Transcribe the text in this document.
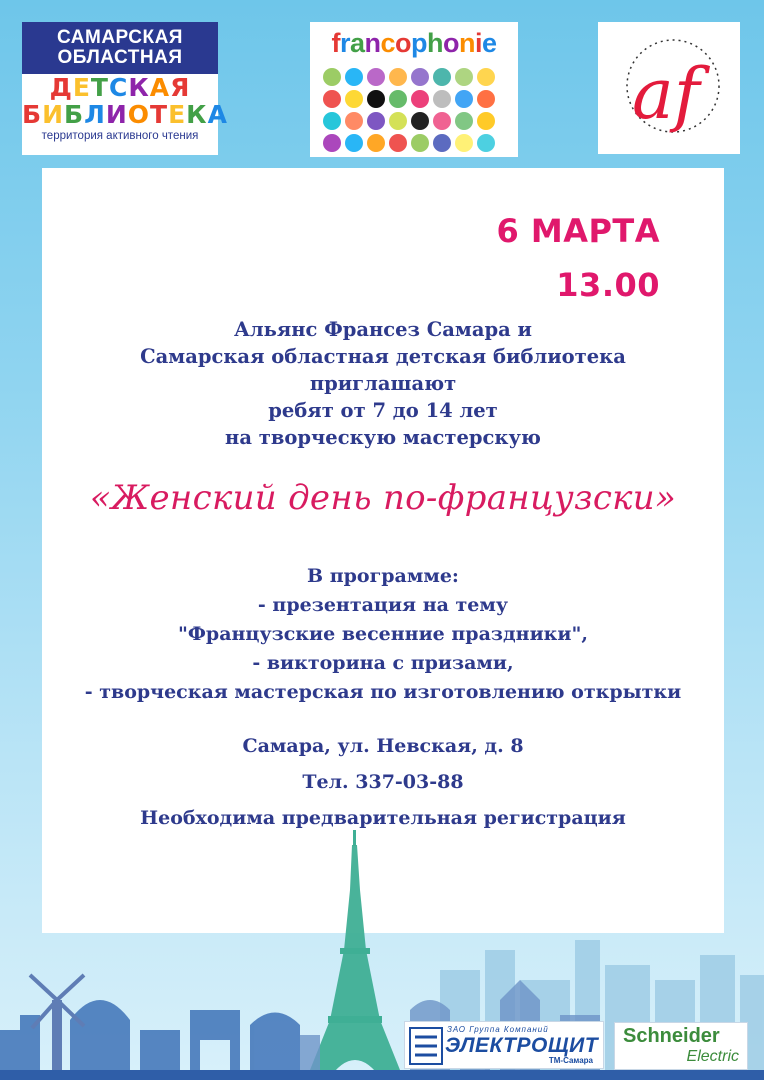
САМАРСКАЯ
ОБЛАСТНАЯ
ДЕТСКАЯ
БИБЛИОТЕКА
территория активного чтения
francophonie
af
6 МАРТА
13.00
Альянс Франсез Самара и
Самарская областная детская библиотека
приглашают
ребят от 7 до 14 лет
на творческую мастерскую
«Женский день по-французски»
В программе:
- презентация на тему
"Французские весенние праздники",
- викторина с призами,
- творческая мастерская по изготовлению открытки
Самара, ул. Невская, д. 8
Тел. 337-03-88
Необходима предварительная регистрация
ЗАО Группа Компаний
ЭЛЕКТРОЩИТ
ТМ-Самара
Schneider
Electric
